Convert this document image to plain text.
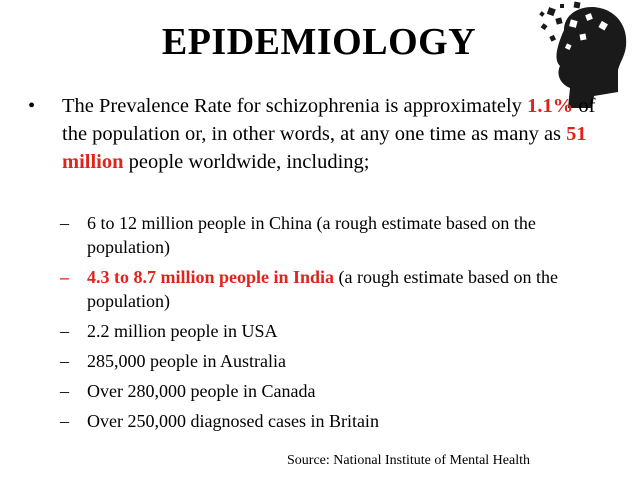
EPIDEMIOLOGY
• The Prevalence Rate for schizophrenia is approximately 1.1% of the population or, in other words, at any one time as many as 51 million people worldwide, including;
– 6 to 12 million people in China (a rough estimate based on the population)
– 4.3 to 8.7 million people in India (a rough estimate based on the population)
– 2.2 million people in USA
– 285,000 people in Australia
– Over 280,000 people in Canada
– Over 250,000 diagnosed cases in Britain
Source: National Institute of Mental Health
